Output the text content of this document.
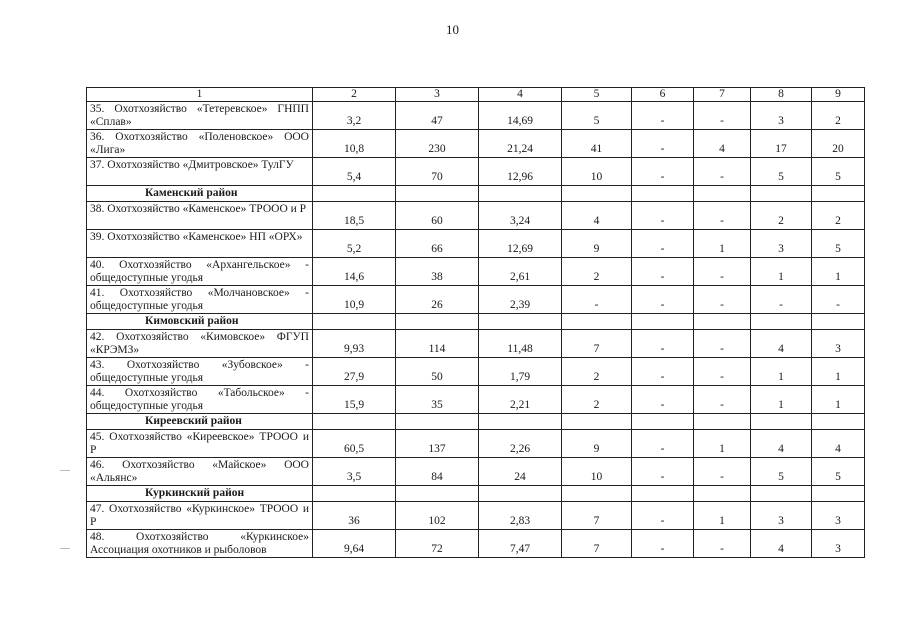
10
1	2	3	4	5	6	7	8	9
35. Охотхозяйство «Тетеревское» ГНПП «Сплав»	3,2	47	14,69	5	-	-	3	2
36. Охотхозяйство «Поленовское» ООО «Лига»	10,8	230	21,24	41	-	4	17	20
37. Охотхозяйство «Дмитровское» ТулГУ	5,4	70	12,96	10	-	-	5	5
Каменский район								
38. Охотхозяйство «Каменское» ТРООО и Р	18,5	60	3,24	4	-	-	2	2
39. Охотхозяйство «Каменское» НП «ОРХ»	5,2	66	12,69	9	-	1	3	5
40. Охотхозяйство «Архангельское» - общедоступные угодья	14,6	38	2,61	2	-	-	1	1
41. Охотхозяйство «Молчановское» - общедоступные угодья	10,9	26	2,39	-	-	-	-	-
Кимовский район								
42. Охотхозяйство «Кимовское» ФГУП «КРЭМЗ»	9,93	114	11,48	7	-	-	4	3
43. Охотхозяйство «Зубовское» - общедоступные угодья	27,9	50	1,79	2	-	-	1	1
44. Охотхозяйство «Табольское» - общедоступные угодья	15,9	35	2,21	2	-	-	1	1
Киреевский район								
45. Охотхозяйство «Киреевское» ТРООО и Р	60,5	137	2,26	9	-	1	4	4
46. Охотхозяйство «Майское» ООО «Альянс»	3,5	84	24	10	-	-	5	5
Куркинский район								
47. Охотхозяйство «Куркинское» ТРООО и Р	36	102	2,83	7	-	1	3	3
48. Охотхозяйство «Куркинское» Ассоциация охотников и рыболовов	9,64	72	7,47	7	-	-	4	3
